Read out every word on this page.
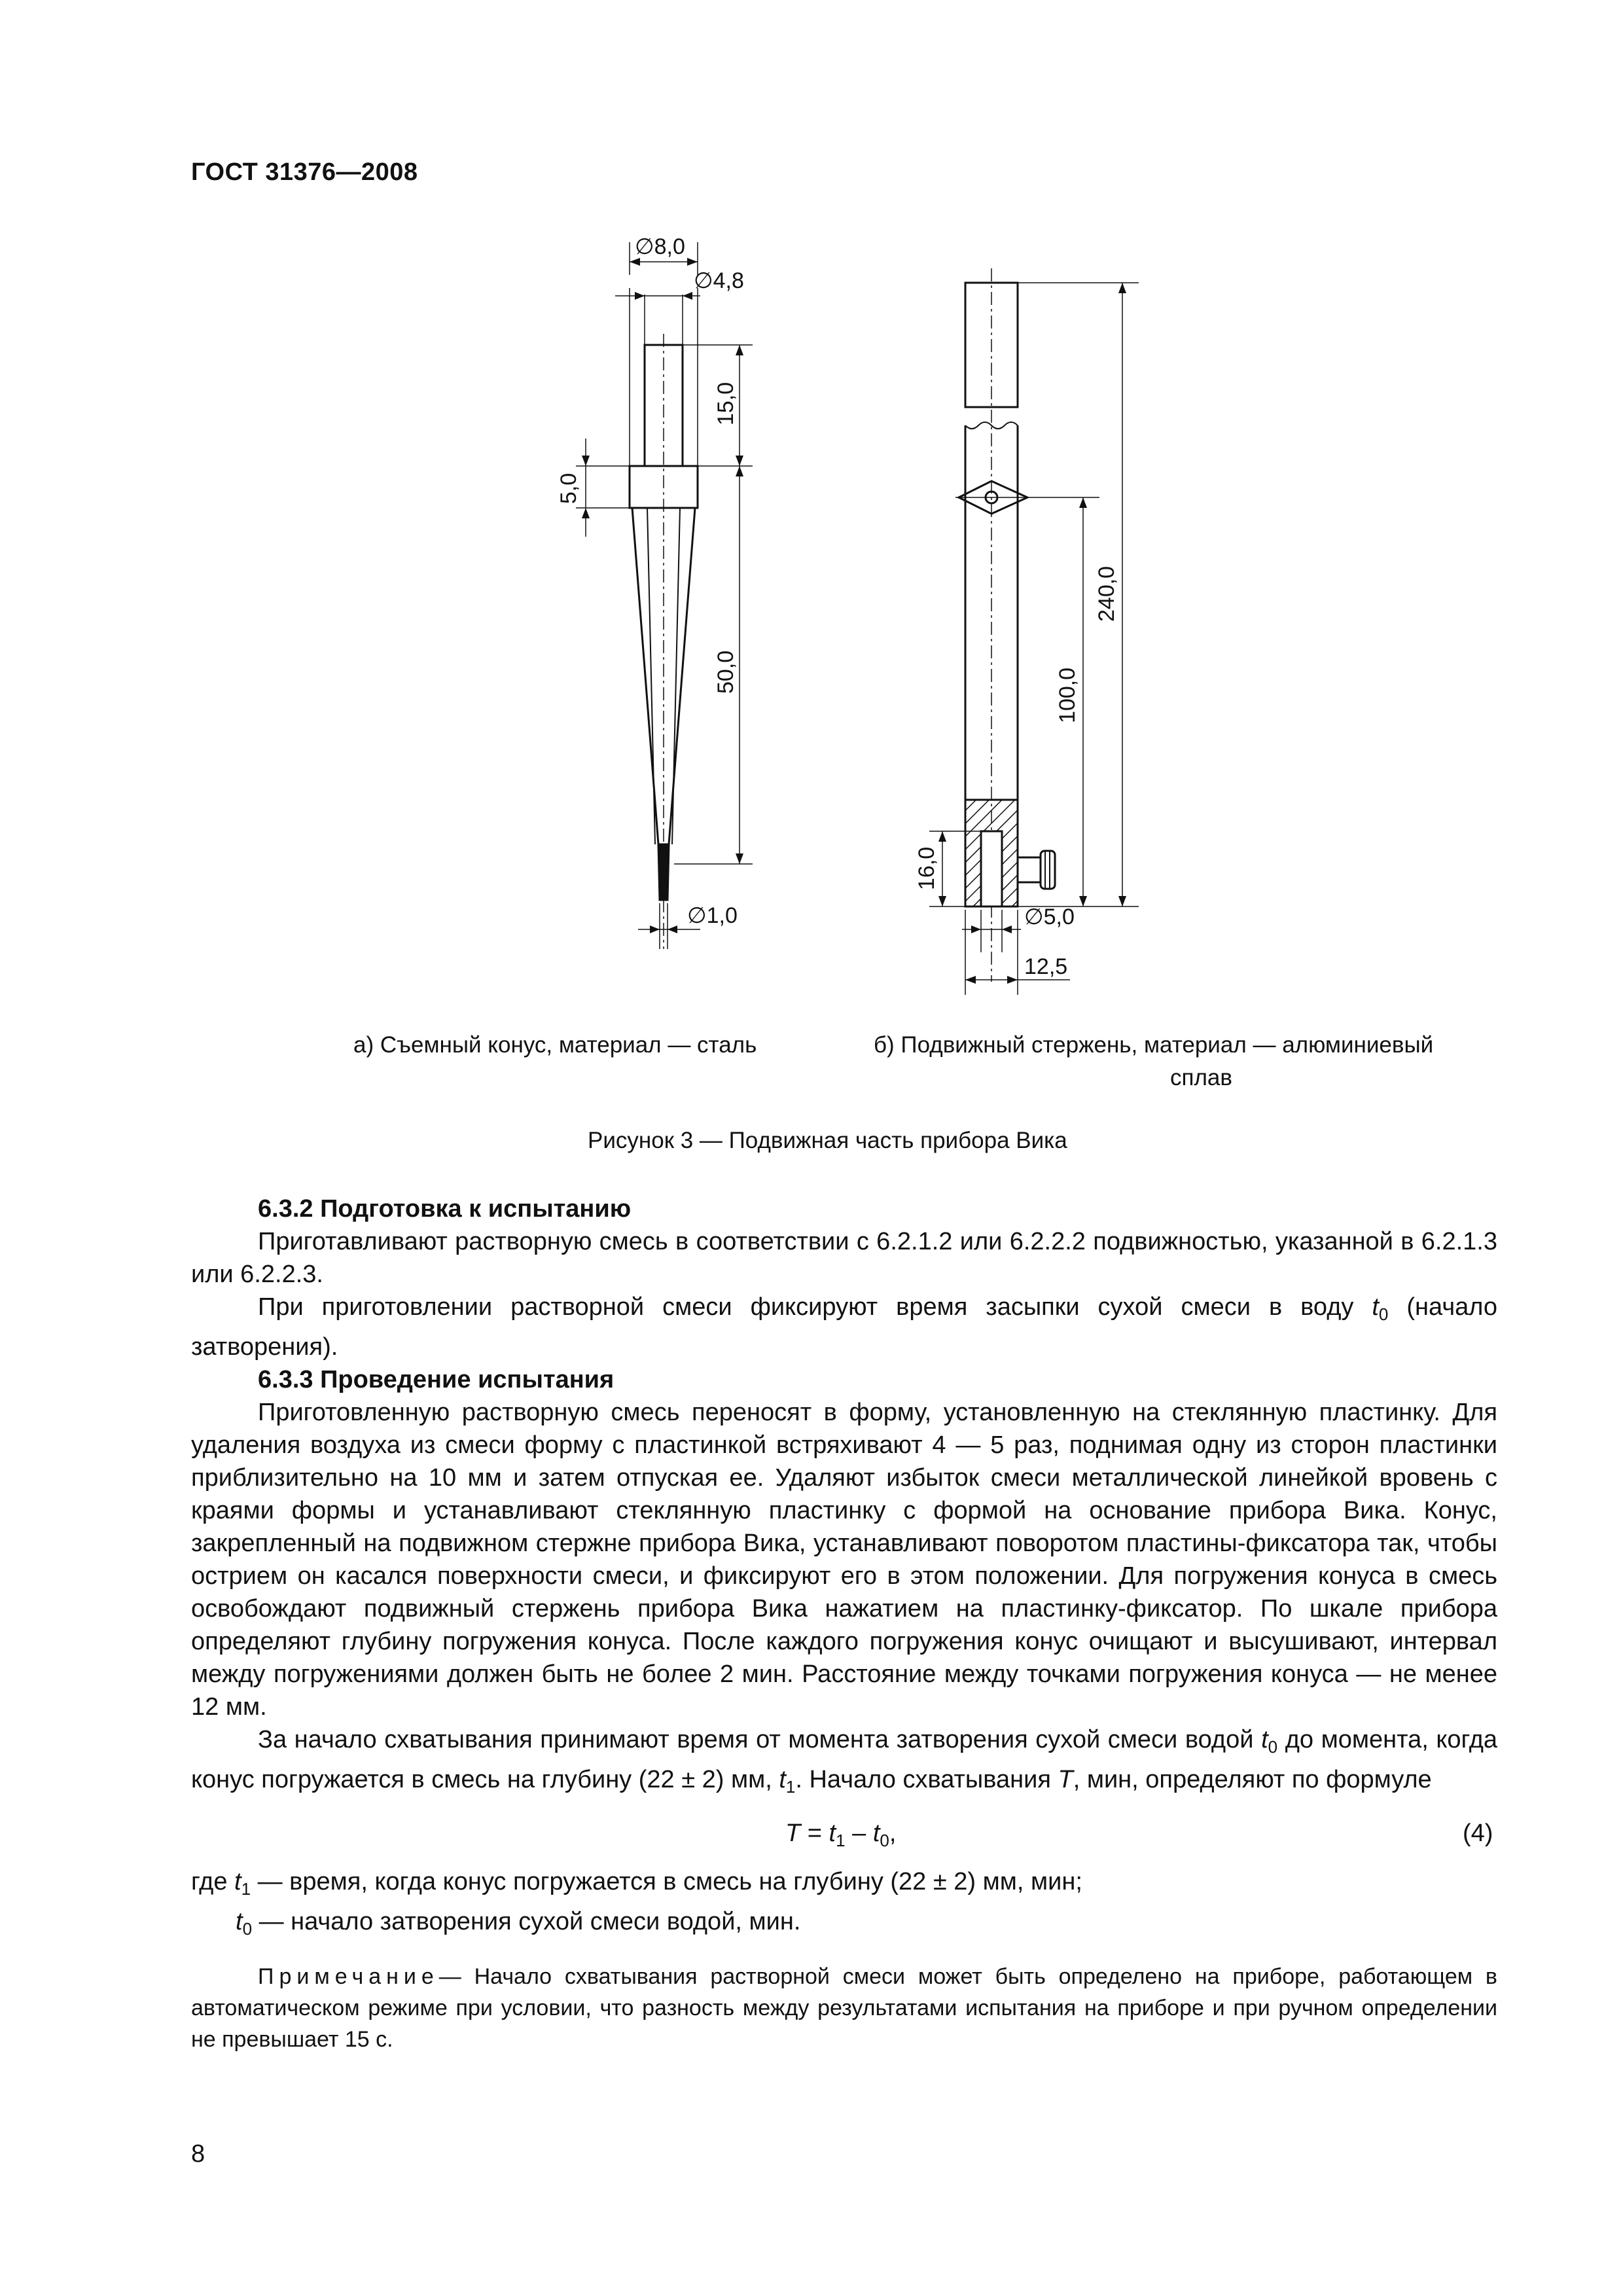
ГОСТ 31376—2008
∅8,0
∅4,8
15,0
5,0
50,0
∅1,0
240,0
100,0
16,0
∅5,0
12,5
а) Съемный конус, материал — сталь	б) Подвижный стержень, материал — алюминиевый
сплав
Рисунок 3 — Подвижная часть прибора Вика

6.3.2 Подготовка к испытанию

Приготавливают растворную смесь в соответствии с 6.2.1.2 или 6.2.2.2 подвижностью, указанной в 6.2.1.3 или 6.2.2.3.

При приготовлении растворной смеси фиксируют время засыпки сухой смеси в воду $t_0$ (начало затворения).

6.3.3 Проведение испытания

Приготовленную растворную смесь переносят в форму, установленную на стеклянную пластинку. Для удаления воздуха из смеси форму с пластинкой встряхивают 4 — 5 раз, поднимая одну из сторон пластинки приблизительно на 10 мм и затем отпуская ее. Удаляют избыток смеси металлической линейкой вровень с краями формы и устанавливают стеклянную пластинку с формой на основание прибора Вика. Конус, закрепленный на подвижном стержне прибора Вика, устанавливают поворотом пластины-фиксатора так, чтобы острием он касался поверхности смеси, и фиксируют его в этом положении. Для погружения конуса в смесь освобождают подвижный стержень прибора Вика нажатием на пластинку-фиксатор. По шкале прибора определяют глубину погружения конуса. После каждого погружения конус очищают и высушивают, интервал между погружениями должен быть не более 2 мин. Расстояние между точками погружения конуса — не менее 12 мм.

За начало схватывания принимают время от момента затворения сухой смеси водой $t_0$ до момента, когда конус погружается в смесь на глубину (22 ± 2) мм, $t_1$. Начало схватывания T, мин, определяют по формуле

$T = t_1 - t_0$,	(4)

где $t_1$ — время, когда конус погружается в смесь на глубину (22 ± 2) мм, мин;

$t_0$ — начало затворения сухой смеси водой, мин.

Примечание— Начало схватывания растворной смеси может быть определено на приборе, работающем в автоматическом режиме при условии, что разность между результатами испытания на приборе и при ручном определении не превышает 15 с.
8
